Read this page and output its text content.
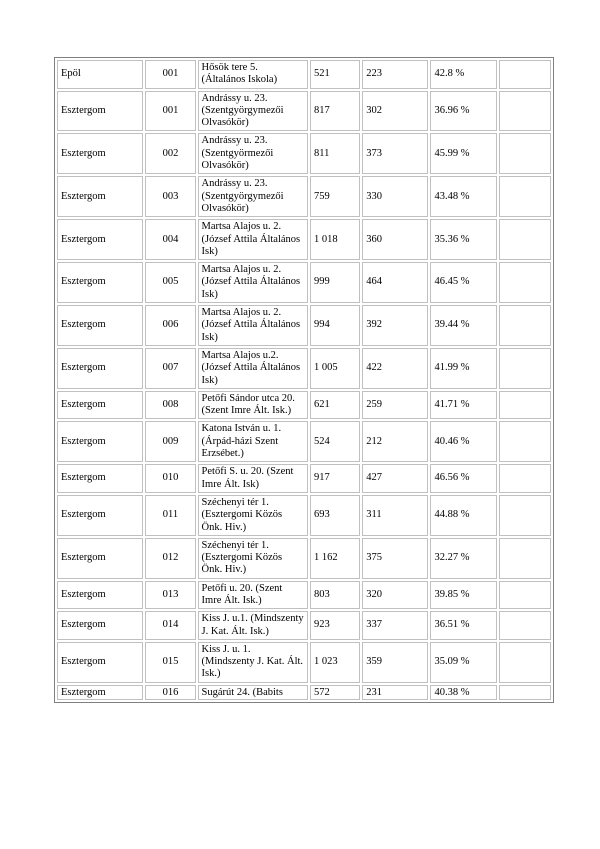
Epöl	001	Hősök tere 5. (Általános Iskola)	521	223	42.8 %	
Esztergom	001	Andrássy u. 23. (Szentgyörgymezői Olvasókör)	817	302	36.96 %	
Esztergom	002	Andrássy u. 23. (Szentgyörmezői Olvasókör)	811	373	45.99 %	
Esztergom	003	Andrássy u. 23. (Szentgyörgymezői Olvasókör)	759	330	43.48 %	
Esztergom	004	Martsa Alajos u. 2. (József Attila Általános Isk)	1 018	360	35.36 %	
Esztergom	005	Martsa Alajos u. 2. (József Attila Általános Isk)	999	464	46.45 %	
Esztergom	006	Martsa Alajos u. 2. (József Attila Általános Isk)	994	392	39.44 %	
Esztergom	007	Martsa Alajos u.2. (József Attila Általános Isk)	1 005	422	41.99 %	
Esztergom	008	Petőfi Sándor utca 20. (Szent Imre Ált. Isk.)	621	259	41.71 %	
Esztergom	009	Katona István u. 1. (Árpád-házi Szent Erzsébet.)	524	212	40.46 %	
Esztergom	010	Petőfi S. u. 20. (Szent Imre Ált. Isk)	917	427	46.56 %	
Esztergom	011	Széchenyi tér 1. (Esztergomi Közös Önk. Hiv.)	693	311	44.88 %	
Esztergom	012	Széchenyi tér 1. (Esztergomi Közös Önk. Hiv.)	1 162	375	32.27 %	
Esztergom	013	Petőfi u. 20. (Szent Imre Ált. Isk.)	803	320	39.85 %	
Esztergom	014	Kiss J. u.1. (Mindszenty J. Kat. Ált. Isk.)	923	337	36.51 %	
Esztergom	015	Kiss J. u. 1. (Mindszenty J. Kat. Ált. Isk.)	1 023	359	35.09 %	
Esztergom	016	Sugárút 24. (Babits	572	231	40.38 %	
